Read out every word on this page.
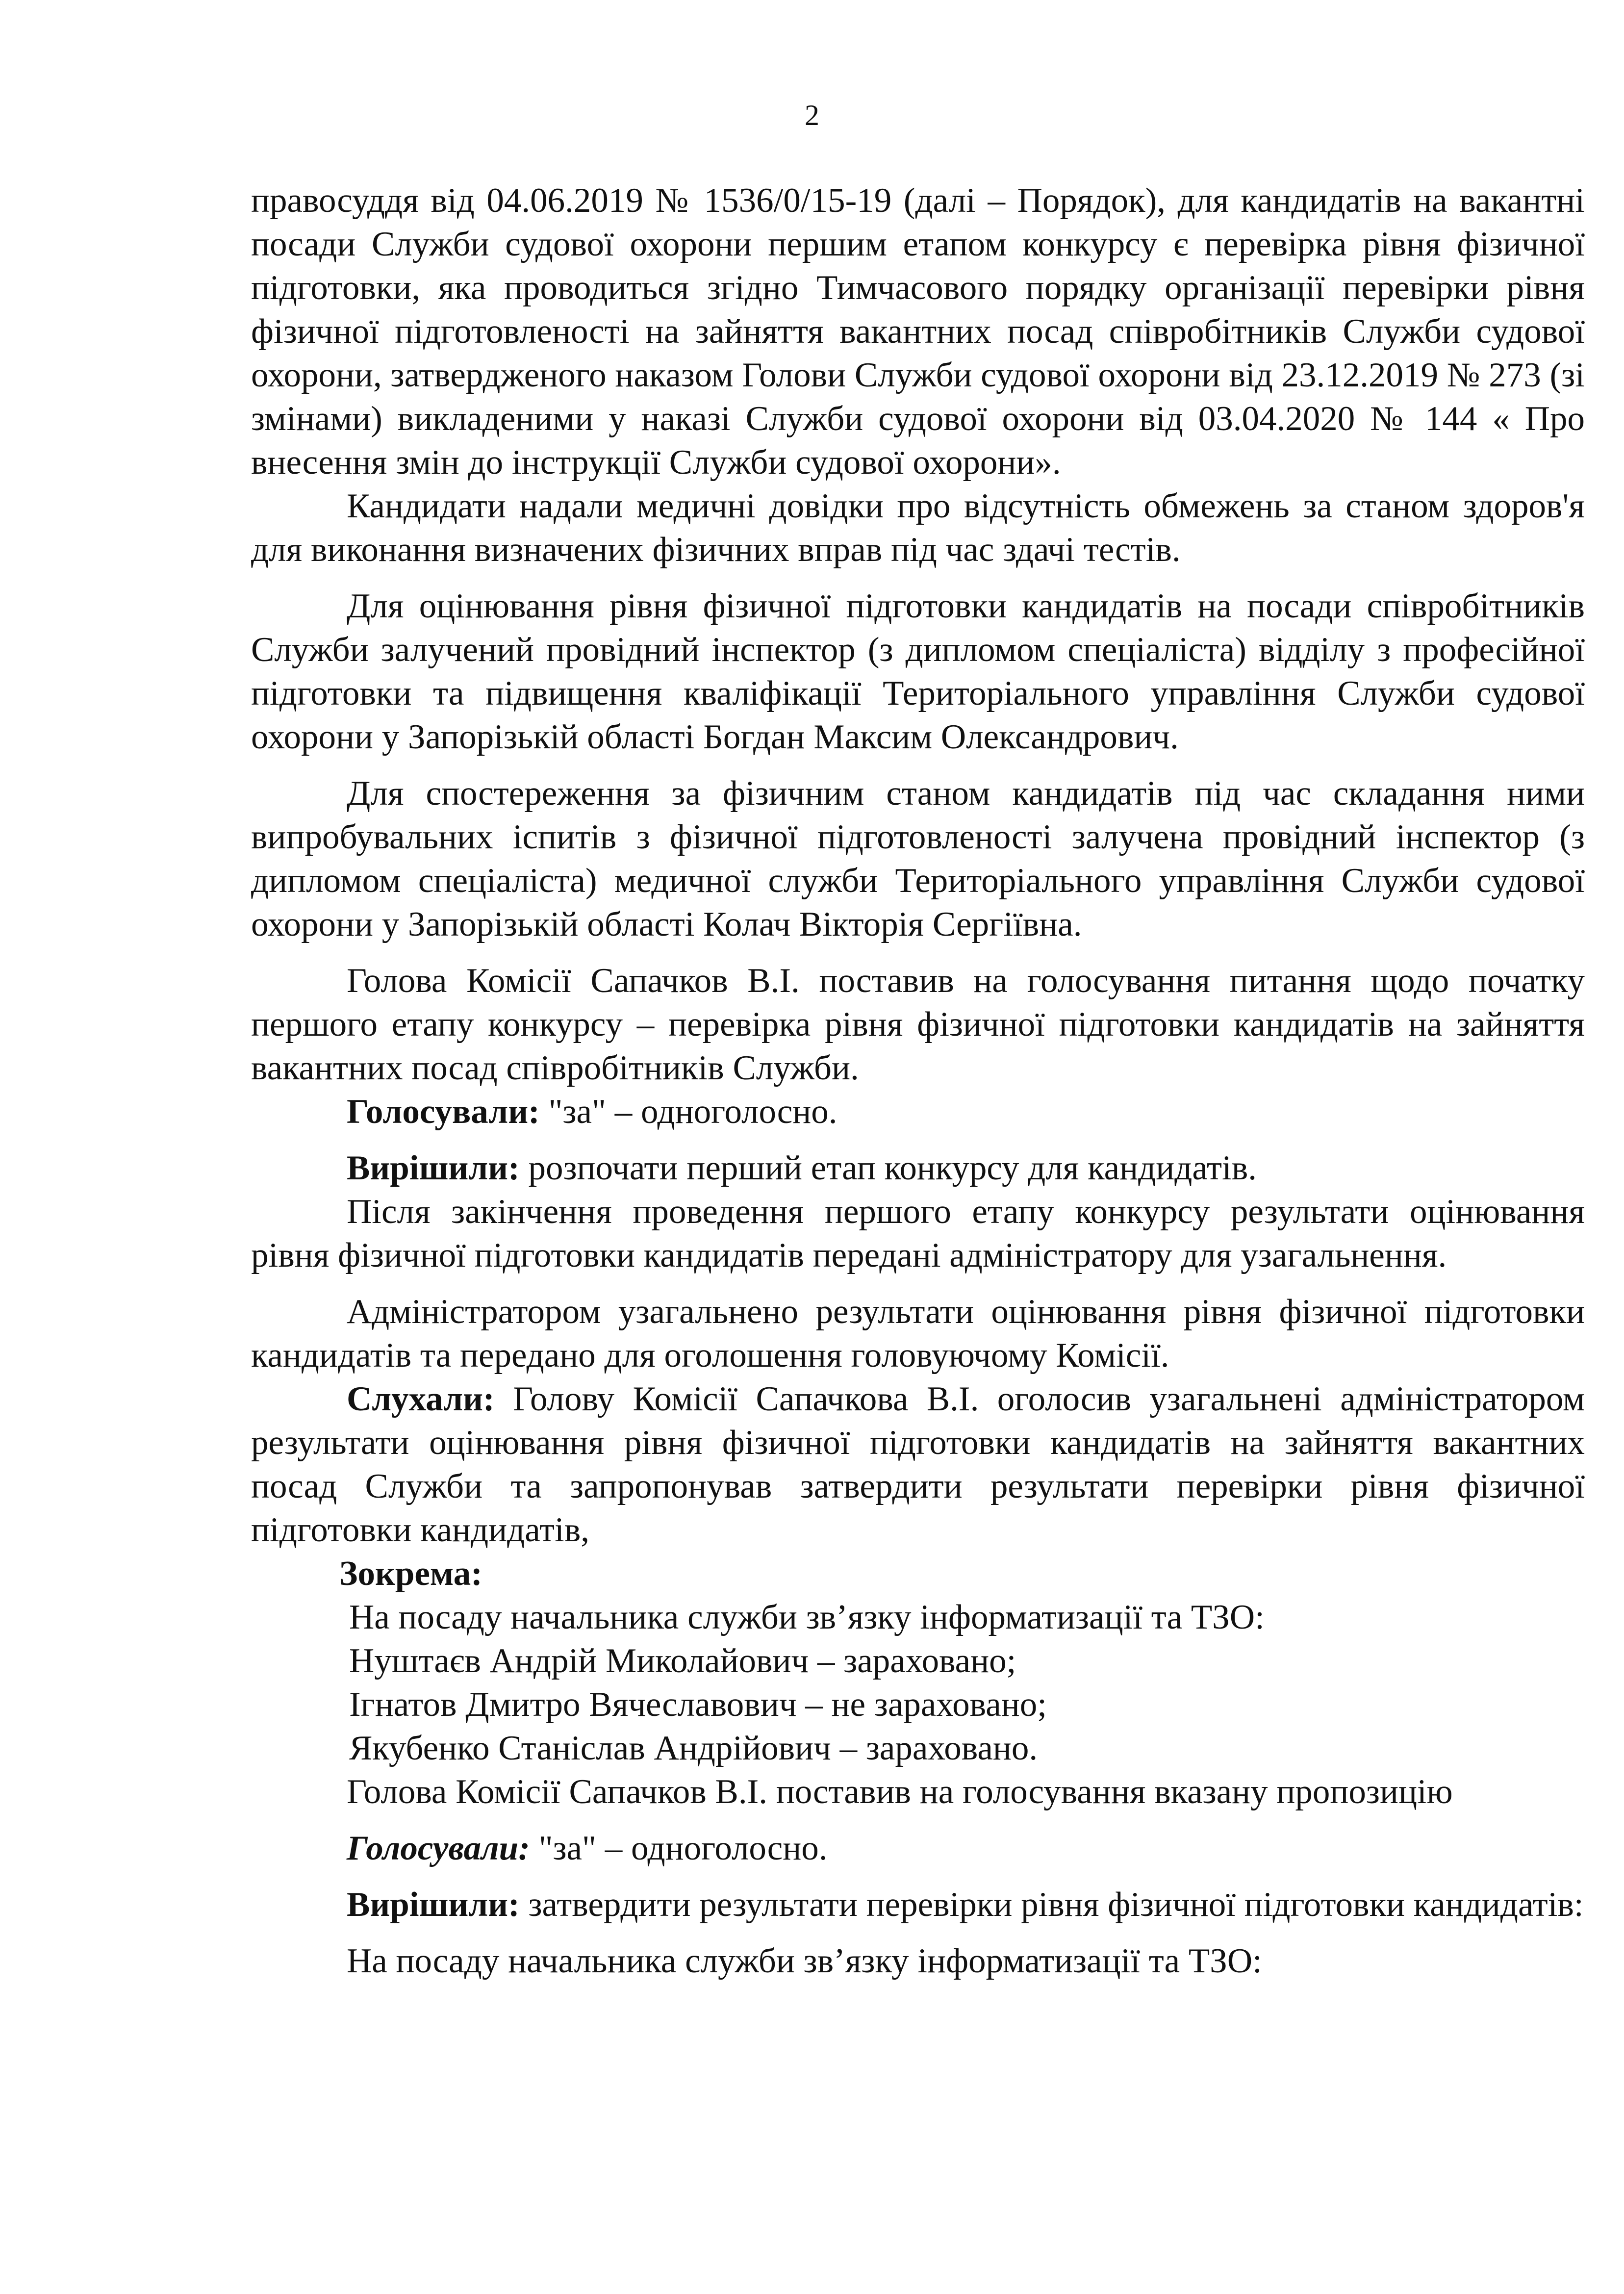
2

правосуддя від 04.06.2019 № 1536/0/15-19 (далі – Порядок), для кандидатів на вакантні посади Служби судової охорони першим етапом конкурсу є перевірка рівня фізичної підготовки, яка проводиться згідно Тимчасового порядку організації перевірки рівня фізичної підготовленості на зайняття вакантних посад співробітників Служби судової охорони, затвердженого наказом Голови Служби судової охорони від 23.12.2019 № 273 (зі змінами) викладеними у наказі Служби судової охорони від 03.04.2020 № 144 « Про внесення змін до інструкції Служби судової охорони».

Кандидати надали медичні довідки про відсутність обмежень за станом здоров'я для виконання визначених фізичних вправ під час здачі тестів.

Для оцінювання рівня фізичної підготовки кандидатів на посади співробітників Служби залучений провідний інспектор (з дипломом спеціаліста) відділу з професійної підготовки та підвищення кваліфікації Територіального управління Служби судової охорони у Запорізькій області Богдан Максим Олександрович.

Для спостереження за фізичним станом кандидатів під час складання ними випробувальних іспитів з фізичної підготовленості залучена провідний інспектор (з дипломом спеціаліста) медичної служби Територіального управління Служби судової охорони у Запорізькій області Колач Вікторія Сергіївна.

Голова Комісії Сапачков В.І. поставив на голосування питання щодо початку першого етапу конкурсу – перевірка рівня фізичної підготовки кандидатів на зайняття вакантних посад співробітників Служби.

Голосували: "за" – одноголосно.

Вирішили: розпочати перший етап конкурсу для кандидатів.

Після закінчення проведення першого етапу конкурсу результати оцінювання рівня фізичної підготовки кандидатів передані адміністратору для узагальнення.

Адміністратором узагальнено результати оцінювання рівня фізичної підготовки кандидатів та передано для оголошення головуючому Комісії.

Слухали: Голову Комісії Сапачкова В.І. оголосив узагальнені адміністратором результати оцінювання рівня фізичної підготовки кандидатів на зайняття вакантних посад Служби та запропонував затвердити результати перевірки рівня фізичної підготовки кандидатів,

Зокрема:

На посаду начальника служби зв’язку інформатизації та ТЗО:

Нуштаєв Андрій Миколайович – зараховано;

Ігнатов Дмитро Вячеславович – не зараховано;

Якубенко Станіслав Андрійович – зараховано.

Голова Комісії Сапачков В.І. поставив на голосування вказану пропозицію

Голосували: "за" – одноголосно.

Вирішили: затвердити результати перевірки рівня фізичної підготовки кандидатів:

На посаду начальника служби зв’язку інформатизації та ТЗО:
